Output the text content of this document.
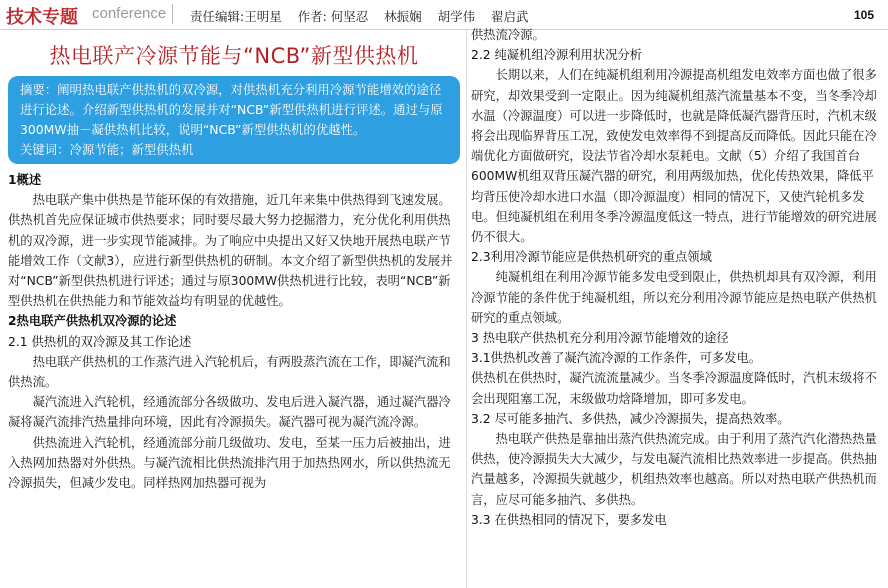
技术专题 conference 责任编辑:王明星    作者: 何坚忍    林振娴    胡学伟    翟启武	105
热电联产冷源节能与“NCB”新型供热机
摘要：阐明热电联产供热机的双冷源，对供热机充分利用冷源节能增效的途径进行论述。介绍新型供热机的发展并对“NCB”新型供热机进行评述。通过与原300MW抽－凝供热机比较，说明“NCB”新型供热机的优越性。
关键词：冷源节能；新型供热机

1概述

热电联产集中供热是节能环保的有效措施，近几年来集中供热得到飞速发展。供热机首先应保证城市供热要求；同时要尽最大努力挖掘潜力，充分优化利用供热机的双冷源，进一步实现节能减排。为了响应中央提出又好又快地开展热电联产节能增效工作（文献3），应进行新型供热机的研制。本文介绍了新型供热机的发展并对“NCB”新型供热机进行评述；通过与原300MW供热机进行比较，表明“NCB”新型供热机在供热能力和节能效益均有明显的优越性。

2热电联产供热机双冷源的论述

2.1 供热机的双冷源及其工作论述

热电联产供热机的工作蒸汽进入汽轮机后，有两股蒸汽流在工作，即凝汽流和供热流。

凝汽流进入汽轮机，经通流部分各级做功、发电后进入凝汽器，通过凝汽器冷凝将凝汽流排汽热量排向环境，因此有冷源损失。凝汽器可视为凝汽流冷源。

供热流进入汽轮机，经通流部分前几级做功、发电，至某一压力后被抽出，进入热网加热器对外供热。与凝汽流相比供热流排汽用于加热热网水，所以供热流无冷源损失，但减少发电。同样热网加热器可视为

供热流冷源。

2.2 纯凝机组冷源利用状况分析

长期以来，人们在纯凝机组利用冷源提高机组发电效率方面也做了很多研究，却效果受到一定限止。因为纯凝机组蒸汽流量基本不变，当冬季冷却水温（冷源温度）可以进一步降低时，也就是降低凝汽器背压时，汽机末级将会出现临界背压工况，致使发电效率得不到提高反而降低。因此只能在冷端优化方面做研究，设法节省冷却水泵耗电。文献（5）介绍了我国首台600MW机组双背压凝汽器的研究，利用两级加热，优化传热效果，降低平均背压使冷却水进口水温（即冷源温度）相同的情况下，又使汽轮机多发电。但纯凝机组在利用冬季冷源温度低这一特点，进行节能增效的研究进展仍不很大。

2.3利用冷源节能应是供热机研究的重点领域

纯凝机组在利用冷源节能多发电受到限止，供热机却具有双冷源，利用冷源节能的条件优于纯凝机组，所以充分利用冷源节能应是热电联产供热机研究的重点领域。

3 热电联产供热机充分利用冷源节能增效的途径

3.1供热机改善了凝汽流冷源的工作条件，可多发电。

供热机在供热时，凝汽流流量减少。当冬季冷源温度降低时，汽机末级将不会出现阻塞工况，末级做功焓降增加，即可多发电。

3.2 尽可能多抽汽、多供热，减少冷源损失，提高热效率。

热电联产供热是靠抽出蒸汽供热流完成。由于利用了蒸汽汽化潜热热量供热，使冷源损失大大减少，与发电凝汽流相比热效率进一步提高。供热抽汽量越多，冷源损失就越少，机组热效率也越高。所以对热电联产供热机而言，应尽可能多抽汽、多供热。

3.3 在供热相同的情况下，要多发电
